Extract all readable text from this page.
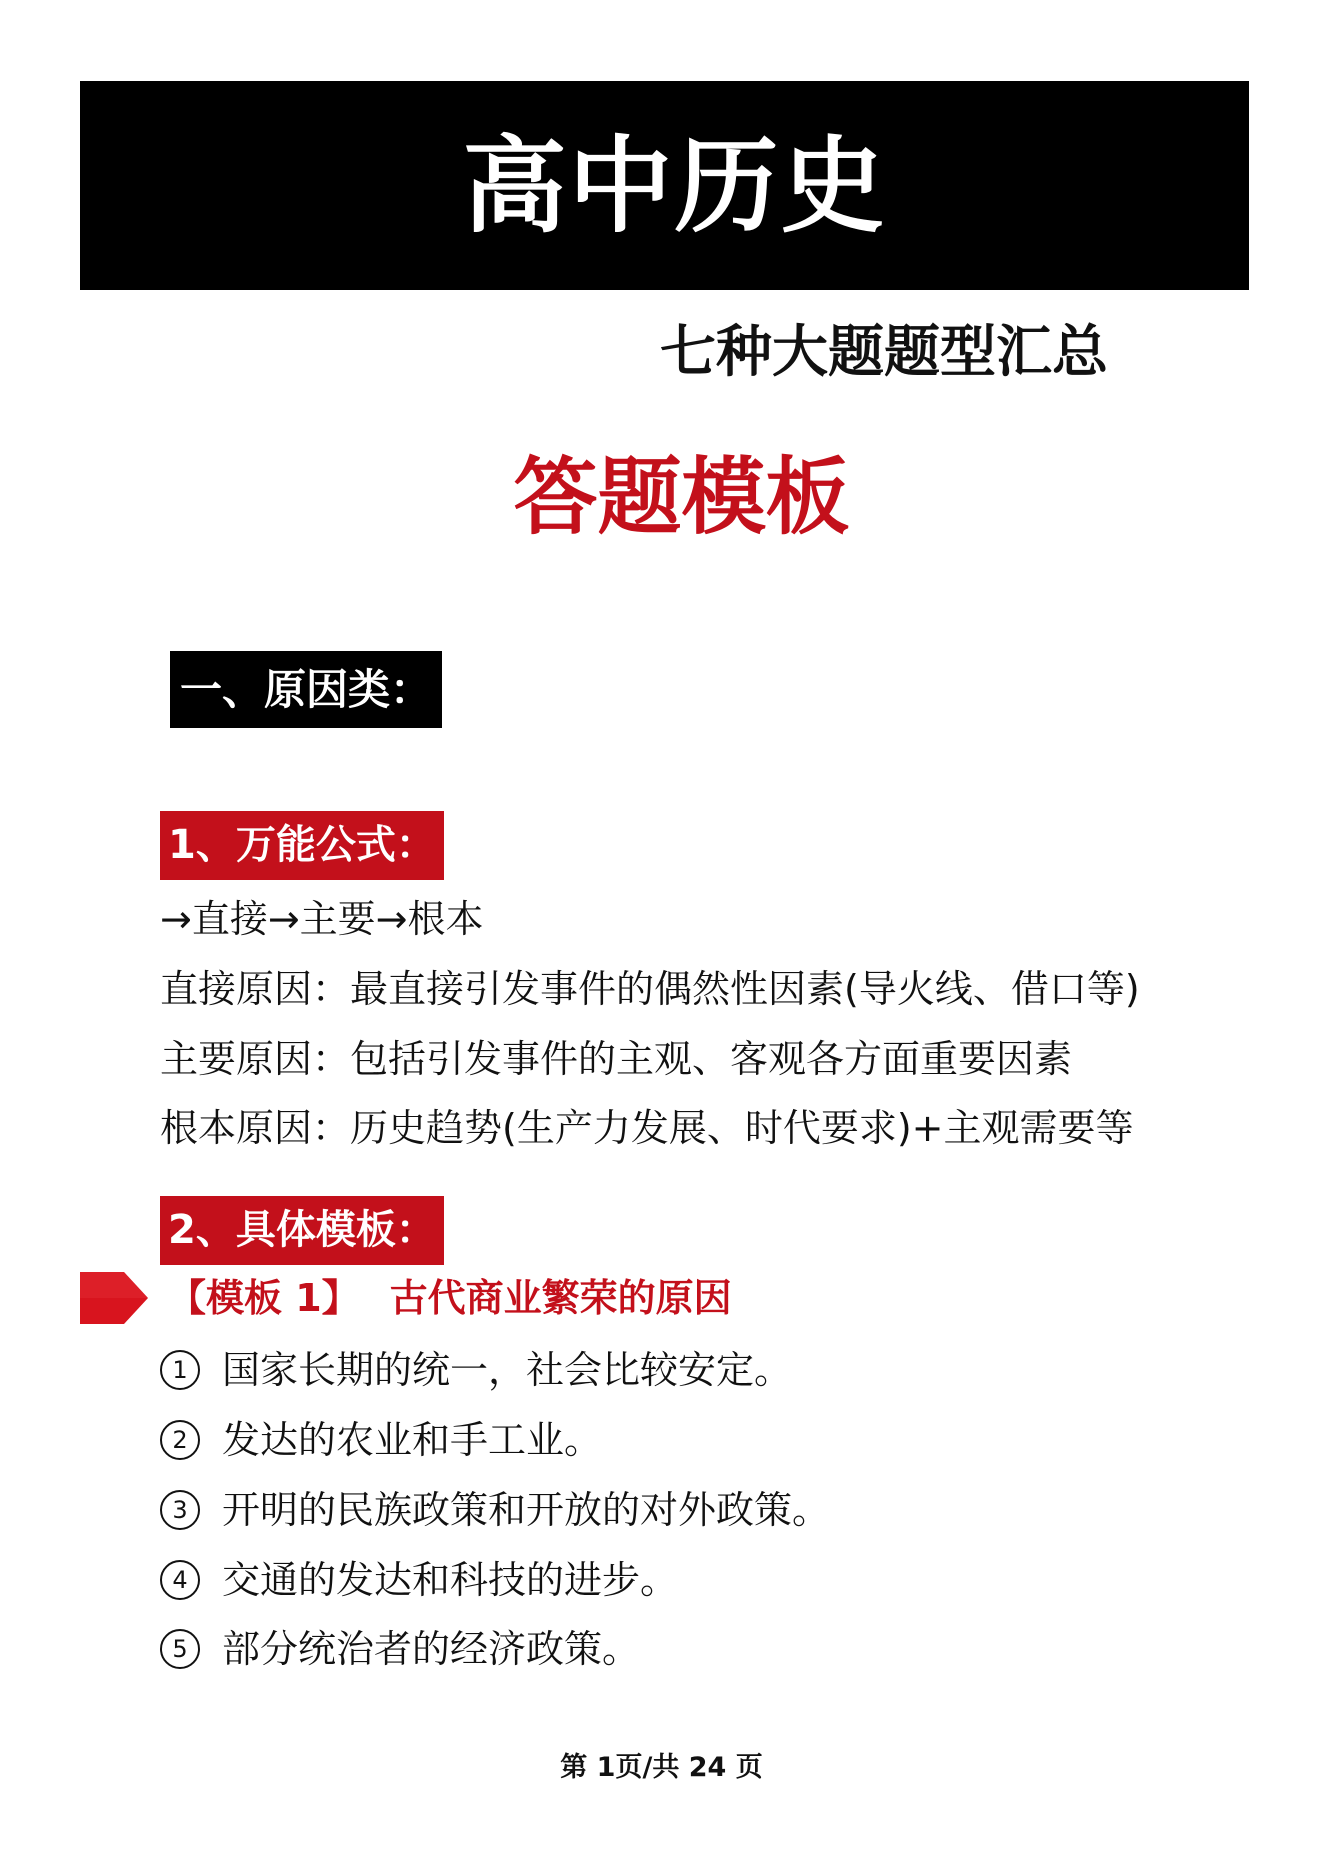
高中历史
七种大题题型汇总
答题模板
一、原因类：
1、万能公式：
→直接→主要→根本
直接原因：最直接引发事件的偶然性因素(导火线、借口等)
主要原因：包括引发事件的主观、客观各方面重要因素
根本原因：历史趋势(生产力发展、时代要求)+主观需要等
2、具体模板：
【模板 1】 古代商业繁荣的原因
1 国家长期的统一，社会比较安定。
2 发达的农业和手工业。
3 开明的民族政策和开放的对外政策。
4 交通的发达和科技的进步。
5 部分统治者的经济政策。
第 1页/共 24 页
